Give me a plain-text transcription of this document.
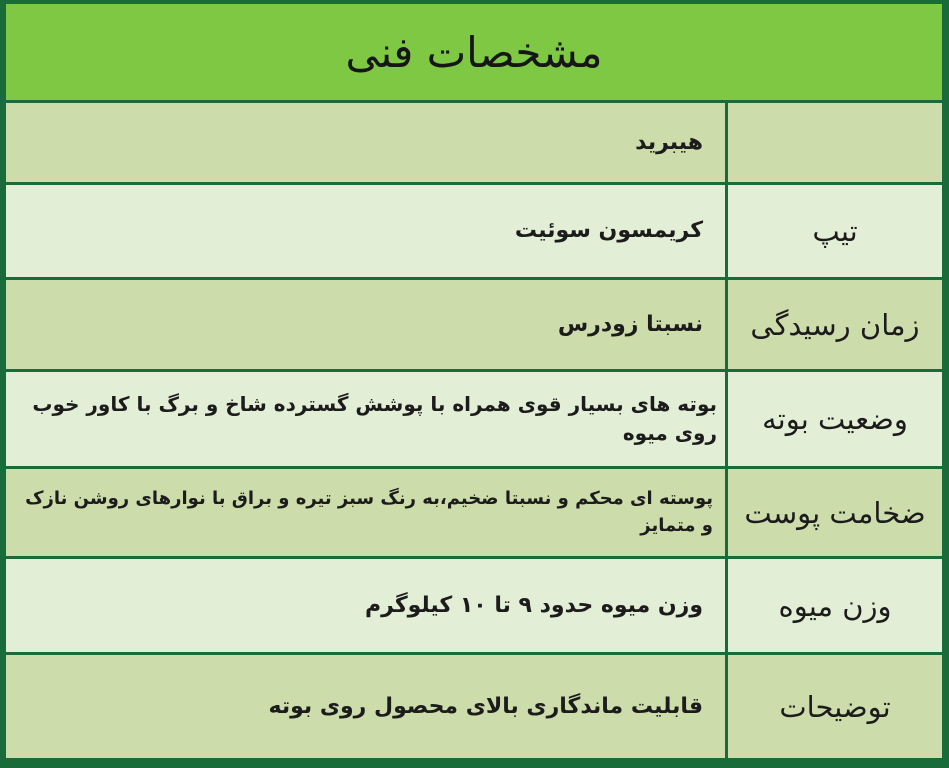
مشخصات فنی
هیبرید
تیپ
کریمسون سوئیت
زمان رسیدگی
نسبتا زودرس
وضعیت بوته
بوته های بسیار قوی همراه با پوشش گسترده شاخ و برگ با کاور خوب روی میوه
ضخامت پوست
پوسته ای محکم و نسبتا ضخیم،به رنگ سبز تیره و براق با نوارهای روشن نازک و متمایز
وزن میوه
وزن میوه حدود ۹ تا ۱۰ کیلوگرم
توضیحات
قابلیت ماندگاری بالای محصول روی بوته
